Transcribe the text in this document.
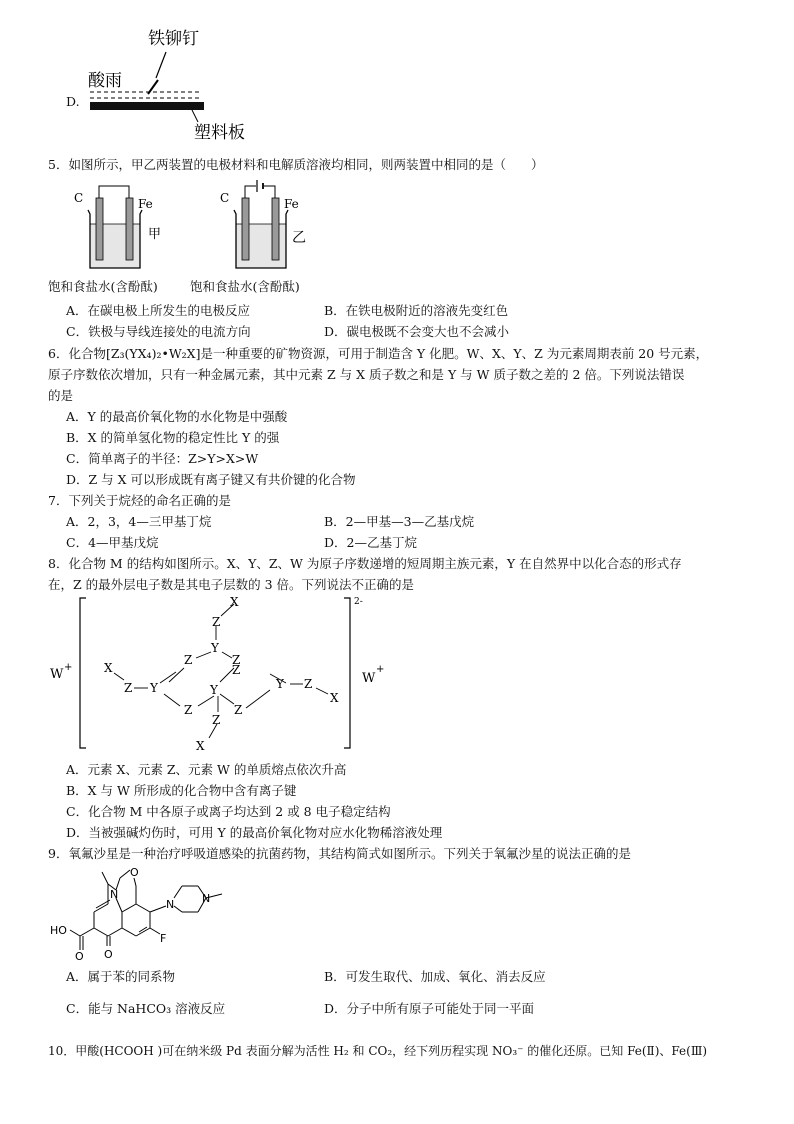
D.
酸雨
铁铆钉
塑料板
5．如图所示，甲乙两装置的电极材料和电解质溶液均相同，则两装置中相同的是（　　）
C	Fe
甲
饱和食盐水(含酚酞)
C	Fe
乙
饱和食盐水(含酚酞)
A．在碳电极上所发生的电极反应	B．在铁电极附近的溶液先变红色
C．铁极与导线连接处的电流方向	D．碳电极既不会变大也不会减小
6．化合物[Z₃(YX₄)₂•W₂X]是一种重要的矿物资源，可用于制造含 Y 化肥。W、X、Y、Z 为元素周期表前 20 号元素，
原子序数依次增加，只有一种金属元素，其中元素 Z 与 X 质子数之和是 Y 与 W 质子数之差的 2 倍。下列说法错误
的是
A．Y 的最高价氧化物的水化物是中强酸
B．X 的简单氢化物的稳定性比 Y 的强
C．简单离子的半径：Z>Y>X>W
D．Z 与 X 可以形成既有离子键又有共价键的化合物
7．下列关于烷烃的命名正确的是
A．2，3，4—三甲基丁烷	B．2—甲基—3—乙基戊烷
C．4—甲基戊烷	D．2—乙基丁烷
8．化合物 M 的结构如图所示。X、Y、Z、W 为原子序数递增的短周期主族元素，Y 在自然界中以化合态的形式存
在，Z 的最外层电子数是其电子层数的 3 倍。下列说法不正确的是
W +
2-
W
+
X
Z
Y
Z	Z
X
Z Y
Z
Y	Y Z
X
Z	Z
Z
X
A．元素 X、元素 Z、元素 W 的单质熔点依次升高
B．X 与 W 所形成的化合物中含有离子键
C．化合物 M 中各原子或离子均达到 2 或 8 电子稳定结构
D．当被强碱灼伤时，可用 Y 的最高价氧化物对应水化物稀溶液处理
9．氧氟沙星是一种治疗呼吸道感染的抗菌药物，其结构简式如图所示。下列关于氧氟沙星的说法正确的是
HO
O
O
O
N
N	N
F
A．属于苯的同系物	B．可发生取代、加成、氧化、消去反应
C．能与 NaHCO₃ 溶液反应	D．分子中所有原子可能处于同一平面
10．甲酸(HCOOH )可在纳米级 Pd 表面分解为活性 H₂ 和 CO₂，经下列历程实现 NO₃⁻ 的催化还原。已知 Fe(Ⅱ)、Fe(Ⅲ)
